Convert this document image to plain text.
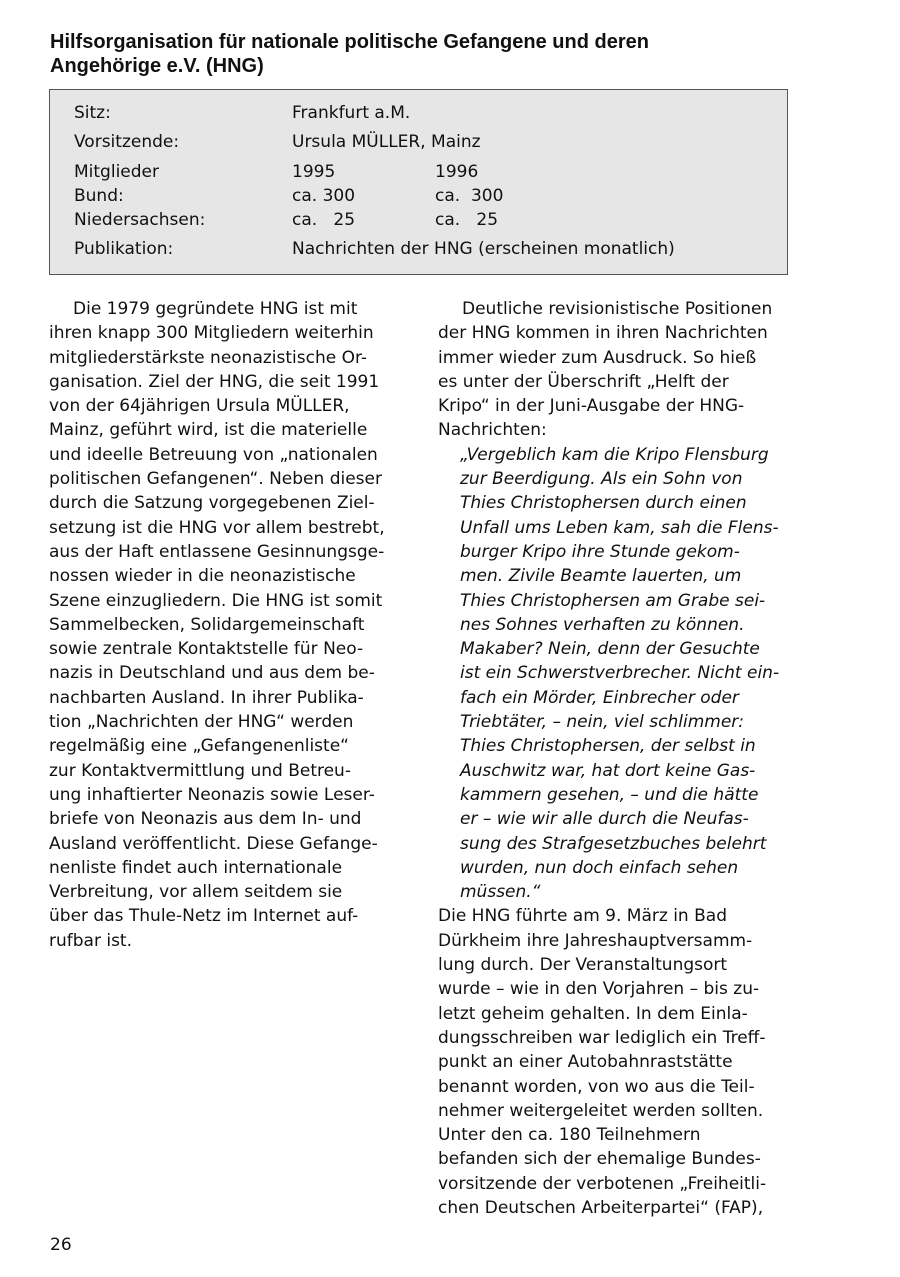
Hilfsorganisation für nationale politische Gefangene und deren
Angehörige e.V. (HNG)
Sitz:	Frankfurt a.M.
Vorsitzende:	Ursula MÜLLER, Mainz
Mitglieder	1995	1996
Bund:	ca. 300	ca.  300
Niedersachsen:	ca.   25	ca.   25
Publikation:	Nachrichten der HNG (erscheinen monatlich)
Die 1979 gegründete HNG ist mit
ihren knapp 300 Mitgliedern weiterhin
mitgliederstärkste neonazistische Or-
ganisation. Ziel der HNG, die seit 1991
von der 64jährigen Ursula MÜLLER,
Mainz, geführt wird, ist die materielle
und ideelle Betreuung von „nationalen
politischen Gefangenen“. Neben dieser
durch die Satzung vorgegebenen Ziel-
setzung ist die HNG vor allem bestrebt,
aus der Haft entlassene Gesinnungsge-
nossen wieder in die neonazistische
Szene einzugliedern. Die HNG ist somit
Sammelbecken, Solidargemeinschaft
sowie zentrale Kontaktstelle für Neo-
nazis in Deutschland und aus dem be-
nachbarten Ausland. In ihrer Publika-
tion „Nachrichten der HNG“ werden
regelmäßig eine „Gefangenenliste“
zur Kontaktvermittlung und Betreu-
ung inhaftierter Neonazis sowie Leser-
briefe von Neonazis aus dem In- und
Ausland veröffentlicht. Diese Gefange-
nenliste findet auch internationale
Verbreitung, vor allem seitdem sie
über das Thule-Netz im Internet auf-
rufbar ist.
Deutliche revisionistische Positionen
der HNG kommen in ihren Nachrichten
immer wieder zum Ausdruck. So hieß
es unter der Überschrift „Helft der
Kripo“ in der Juni-Ausgabe der HNG-
Nachrichten:
„Vergeblich kam die Kripo Flensburg
zur Beerdigung. Als ein Sohn von
Thies Christophersen durch einen
Unfall ums Leben kam, sah die Flens-
burger Kripo ihre Stunde gekom-
men. Zivile Beamte lauerten, um
Thies Christophersen am Grabe sei-
nes Sohnes verhaften zu können.
Makaber? Nein, denn der Gesuchte
ist ein Schwerstverbrecher. Nicht ein-
fach ein Mörder, Einbrecher oder
Triebtäter, – nein, viel schlimmer:
Thies Christophersen, der selbst in
Auschwitz war, hat dort keine Gas-
kammern gesehen, – und die hätte
er – wie wir alle durch die Neufas-
sung des Strafgesetzbuches belehrt
wurden, nun doch einfach sehen
müssen.“
Die HNG führte am 9. März in Bad
Dürkheim ihre Jahreshauptversamm-
lung durch. Der Veranstaltungsort
wurde – wie in den Vorjahren – bis zu-
letzt geheim gehalten. In dem Einla-
dungsschreiben war lediglich ein Treff-
punkt an einer Autobahnraststätte
benannt worden, von wo aus die Teil-
nehmer weitergeleitet werden sollten.
Unter den ca. 180 Teilnehmern
befanden sich der ehemalige Bundes-
vorsitzende der verbotenen „Freiheitli-
chen Deutschen Arbeiterpartei“ (FAP),
26
